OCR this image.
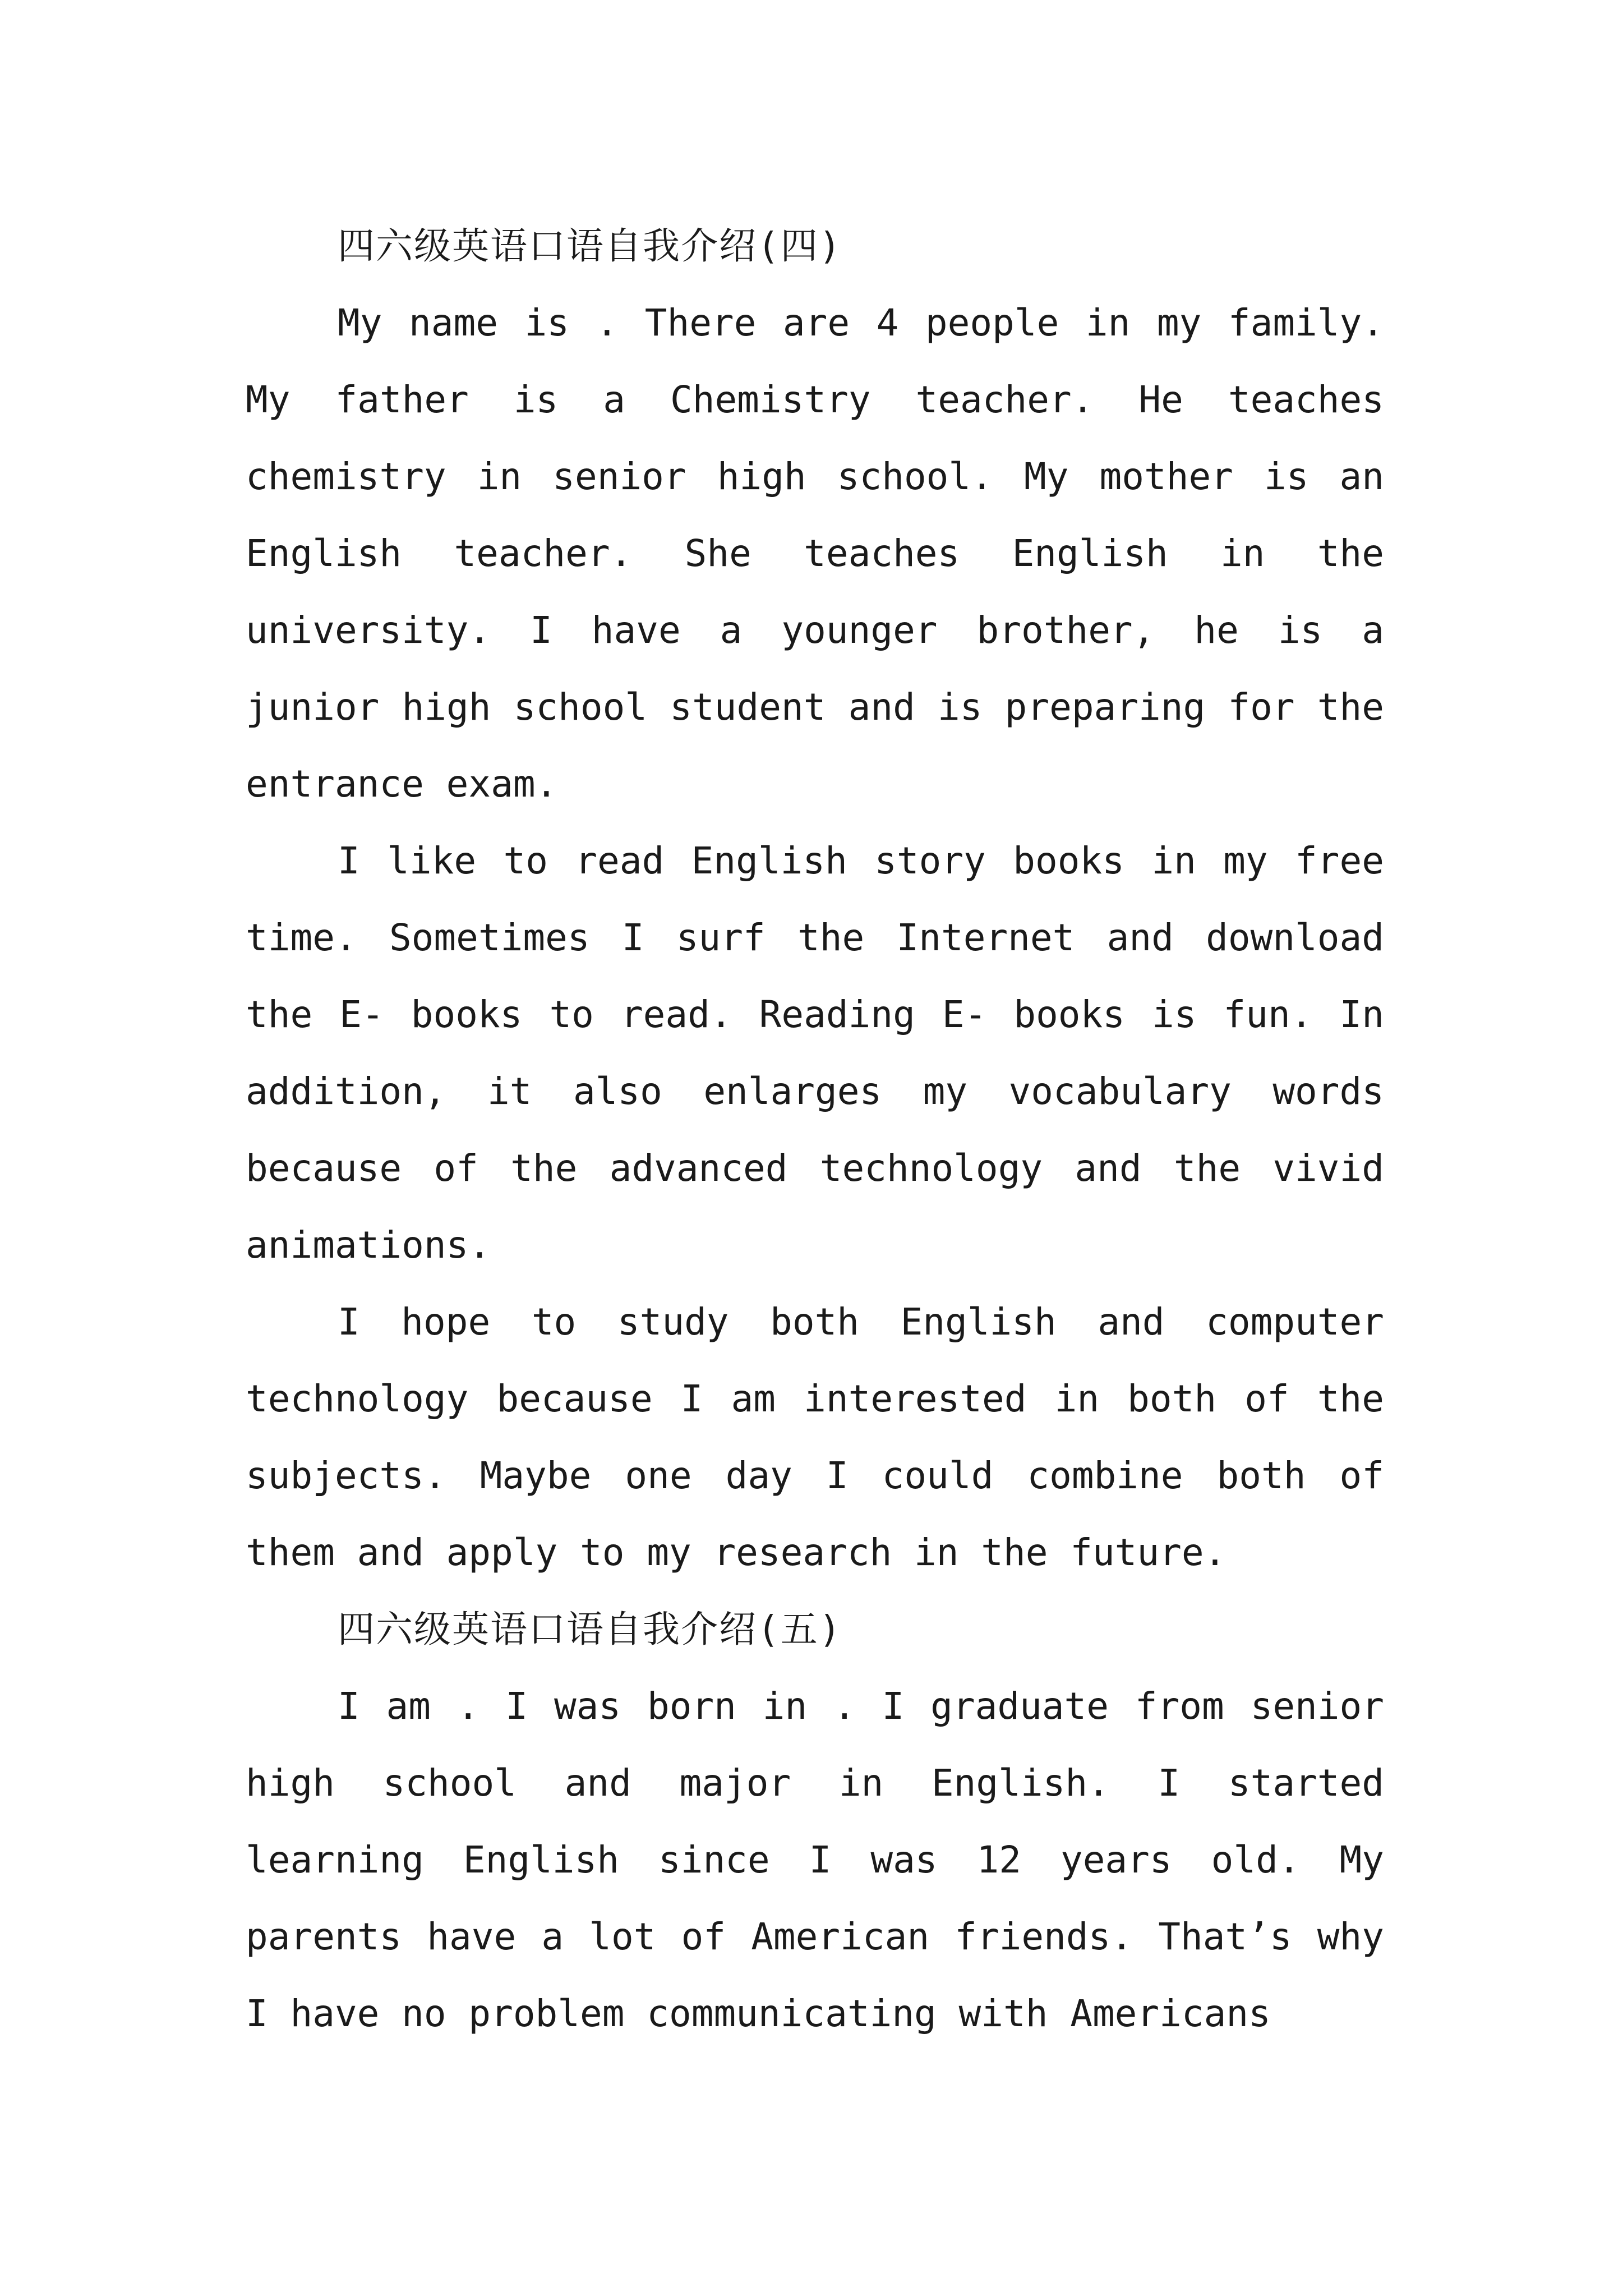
四六级英语口语自我介绍(四)

My name is . There are 4 people in my family. My father is a Chemistry teacher. He teaches chemistry in senior high school. My mother is an English teacher. She teaches English in the university. I have a younger brother, he is a junior high school student and is preparing for the entrance exam.

I like to read English story books in my free time. Sometimes I surf the Internet and download the E- books to read. Reading E- books is fun. In addition, it also enlarges my vocabulary words because of the advanced technology and the vivid animations.

I hope to study both English and computer technology because I am interested in both of the subjects. Maybe one day I could combine both of them and apply to my research in the future.

四六级英语口语自我介绍(五)

I am . I was born in . I graduate from senior high school and major in English. I started learning English since I was 12 years old. My parents have a lot of American friends. That’s why I have no problem communicating with Americans
